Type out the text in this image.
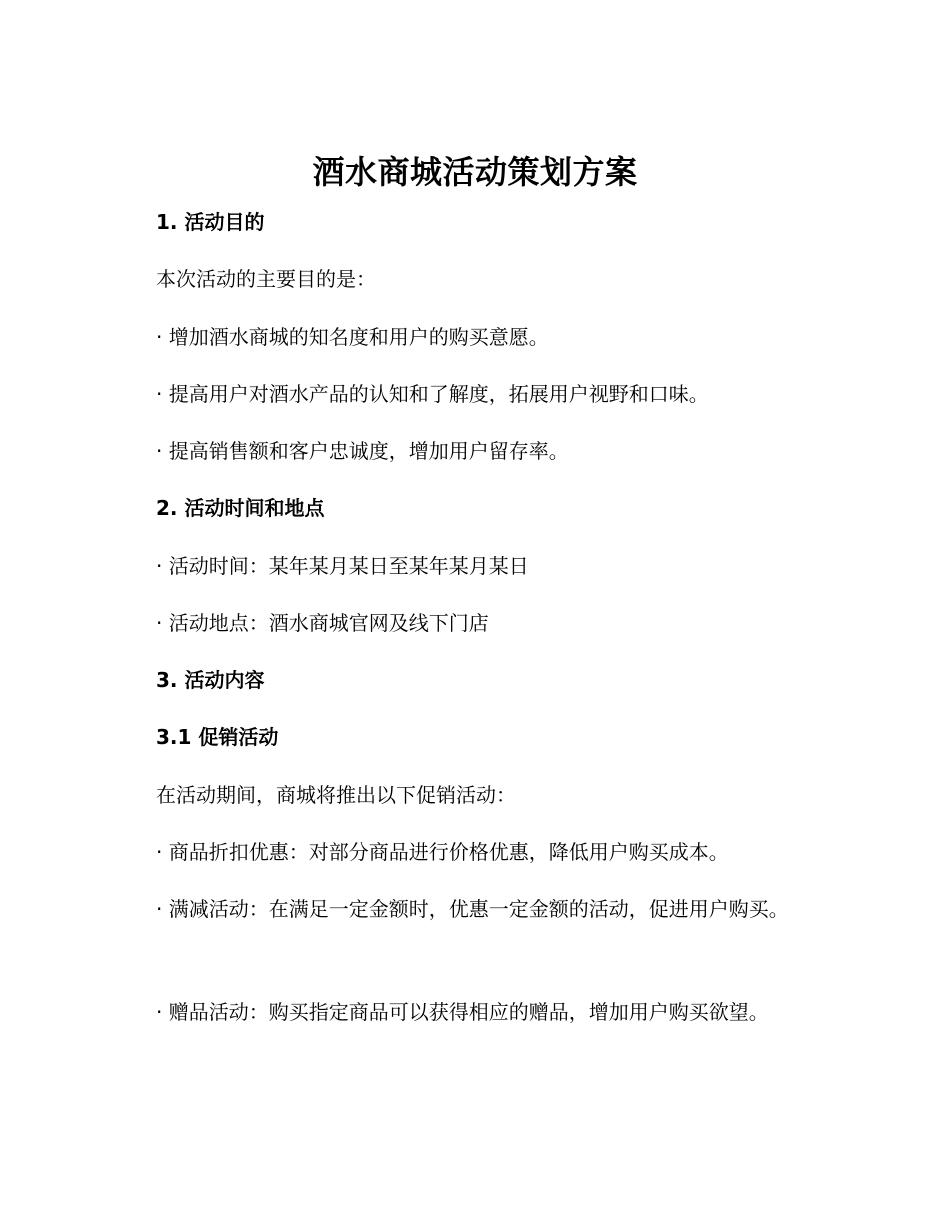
酒水商城活动策划方案
1. 活动目的
本次活动的主要目的是：
· 增加酒水商城的知名度和用户的购买意愿。
· 提高用户对酒水产品的认知和了解度，拓展用户视野和口味。
· 提高销售额和客户忠诚度，增加用户留存率。
2. 活动时间和地点
· 活动时间：某年某月某日至某年某月某日
· 活动地点：酒水商城官网及线下门店
3. 活动内容
3.1 促销活动
在活动期间，商城将推出以下促销活动：
· 商品折扣优惠：对部分商品进行价格优惠，降低用户购买成本。
· 满减活动：在满足一定金额时，优惠一定金额的活动，促进用户购买。
· 赠品活动：购买指定商品可以获得相应的赠品，增加用户购买欲望。
